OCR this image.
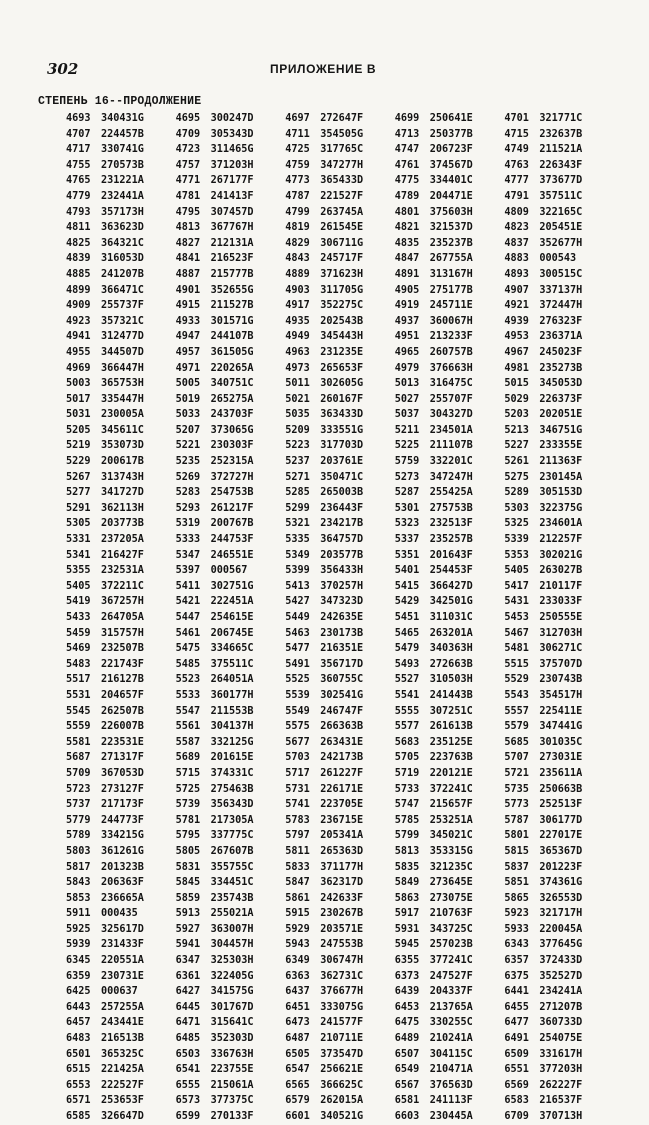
302	ПРИЛОЖЕНИЕ В
СТЕПЕНЬ 16--ПРОДОЛЖЕНИЕ
4693	340431G	4695	300247D	4697	272647F	4699	250641E	4701	321771C
4707	224457B	4709	305343D	4711	354505G	4713	250377B	4715	232637B
4717	330741G	4723	311465G	4725	317765C	4747	206723F	4749	211521A
4755	270573B	4757	371203H	4759	347277H	4761	374567D	4763	226343F
4765	231221A	4771	267177F	4773	365433D	4775	334401C	4777	373677D
4779	232441A	4781	241413F	4787	221527F	4789	204471E	4791	357511C
4793	357173H	4795	307457D	4799	263745A	4801	375603H	4809	322165C
4811	363623D	4813	367767H	4819	261545E	4821	321537D	4823	205451E
4825	364321C	4827	212131A	4829	306711G	4835	235237B	4837	352677H
4839	316053D	4841	216523F	4843	245717F	4847	267755A	4883	000543
4885	241207B	4887	215777B	4889	371623H	4891	313167H	4893	300515C
4899	366471C	4901	352655G	4903	311705G	4905	275177B	4907	337137H
4909	255737F	4915	211527B	4917	352275C	4919	245711E	4921	372447H
4923	357321C	4933	301571G	4935	202543B	4937	360067H	4939	276323F
4941	312477D	4947	244107B	4949	345443H	4951	213233F	4953	236371A
4955	344507D	4957	361505G	4963	231235E	4965	260757B	4967	245023F
4969	366447H	4971	220265A	4973	265653F	4979	376663H	4981	235273B
5003	365753H	5005	340751C	5011	302605G	5013	316475C	5015	345053D
5017	335447H	5019	265275A	5021	260167F	5027	255707F	5029	226373F
5031	230005A	5033	243703F	5035	363433D	5037	304327D	5203	202051E
5205	345611C	5207	373065G	5209	333551G	5211	234501A	5213	346751G
5219	353073D	5221	230303F	5223	317703D	5225	211107B	5227	233355E
5229	200617B	5235	252315A	5237	203761E	5759	332201C	5261	211363F
5267	313743H	5269	372727H	5271	350471C	5273	347247H	5275	230145A
5277	341727D	5283	254753B	5285	265003B	5287	255425A	5289	305153D
5291	362113H	5293	261217F	5299	236443F	5301	275753B	5303	322375G
5305	203773B	5319	200767B	5321	234217B	5323	232513F	5325	234601A
5331	237205A	5333	244753F	5335	364757D	5337	235257B	5339	212257F
5341	216427F	5347	246551E	5349	203577B	5351	201643F	5353	302021G
5355	232531A	5397	000567	5399	356433H	5401	254453F	5405	263027B
5405	372211C	5411	302751G	5413	370257H	5415	366427D	5417	210117F
5419	367257H	5421	222451A	5427	347323D	5429	342501G	5431	233033F
5433	264705A	5447	254615E	5449	242635E	5451	311031C	5453	250555E
5459	315757H	5461	206745E	5463	230173B	5465	263201A	5467	312703H
5469	232507B	5475	334665C	5477	216351E	5479	340363H	5481	306271C
5483	221743F	5485	375511C	5491	356717D	5493	272663B	5515	375707D
5517	216127B	5523	264051A	5525	360755C	5527	310503H	5529	230743B
5531	204657F	5533	360177H	5539	302541G	5541	241443B	5543	354517H
5545	262507B	5547	211553B	5549	246747F	5555	307251C	5557	225411E
5559	226007B	5561	304137H	5575	266363B	5577	261613B	5579	347441G
5581	223531E	5587	332125G	5677	263431E	5683	235125E	5685	301035C
5687	271317F	5689	201615E	5703	242173B	5705	223763B	5707	273031E
5709	367053D	5715	374331C	5717	261227F	5719	220121E	5721	235611A
5723	273127F	5725	275463B	5731	226171E	5733	372241C	5735	250663B
5737	217173F	5739	356343D	5741	223705E	5747	215657F	5773	252513F
5779	244773F	5781	217305A	5783	236715E	5785	253251A	5787	306177D
5789	334215G	5795	337775C	5797	205341A	5799	345021C	5801	227017E
5803	361261G	5805	267607B	5811	265363D	5813	353315G	5815	365367D
5817	201323B	5831	355755C	5833	371177H	5835	321235C	5837	201223F
5843	206363F	5845	334451C	5847	362317D	5849	273645E	5851	374361G
5853	236665A	5859	235743B	5861	242633F	5863	273075E	5865	326553D
5911	000435	5913	255021A	5915	230267B	5917	210763F	5923	321717H
5925	325617D	5927	363007H	5929	203571E	5931	343725C	5933	220045A
5939	231433F	5941	304457H	5943	247553B	5945	257023B	6343	377645G
6345	220551A	6347	325303H	6349	306747H	6355	377241C	6357	372433D
6359	230731E	6361	322405G	6363	362731C	6373	247527F	6375	352527D
6425	000637	6427	341575G	6437	376677H	6439	204337F	6441	234241A
6443	257255A	6445	301767D	6451	333075G	6453	213765A	6455	271207B
6457	243441E	6471	315641C	6473	241577F	6475	330255C	6477	360733D
6483	216513B	6485	352303D	6487	210711E	6489	210241A	6491	254075E
6501	365325C	6503	336763H	6505	373547D	6507	304115C	6509	331617H
6515	221425A	6541	223755E	6547	256621E	6549	210471A	6551	377203H
6553	222527F	6555	215061A	6565	366625C	6567	376563D	6569	262227F
6571	253653F	6573	377375C	6579	262015A	6581	241113F	6583	216537F
6585	326647D	6599	270133F	6601	340521G	6603	230445A	6709	370713H
